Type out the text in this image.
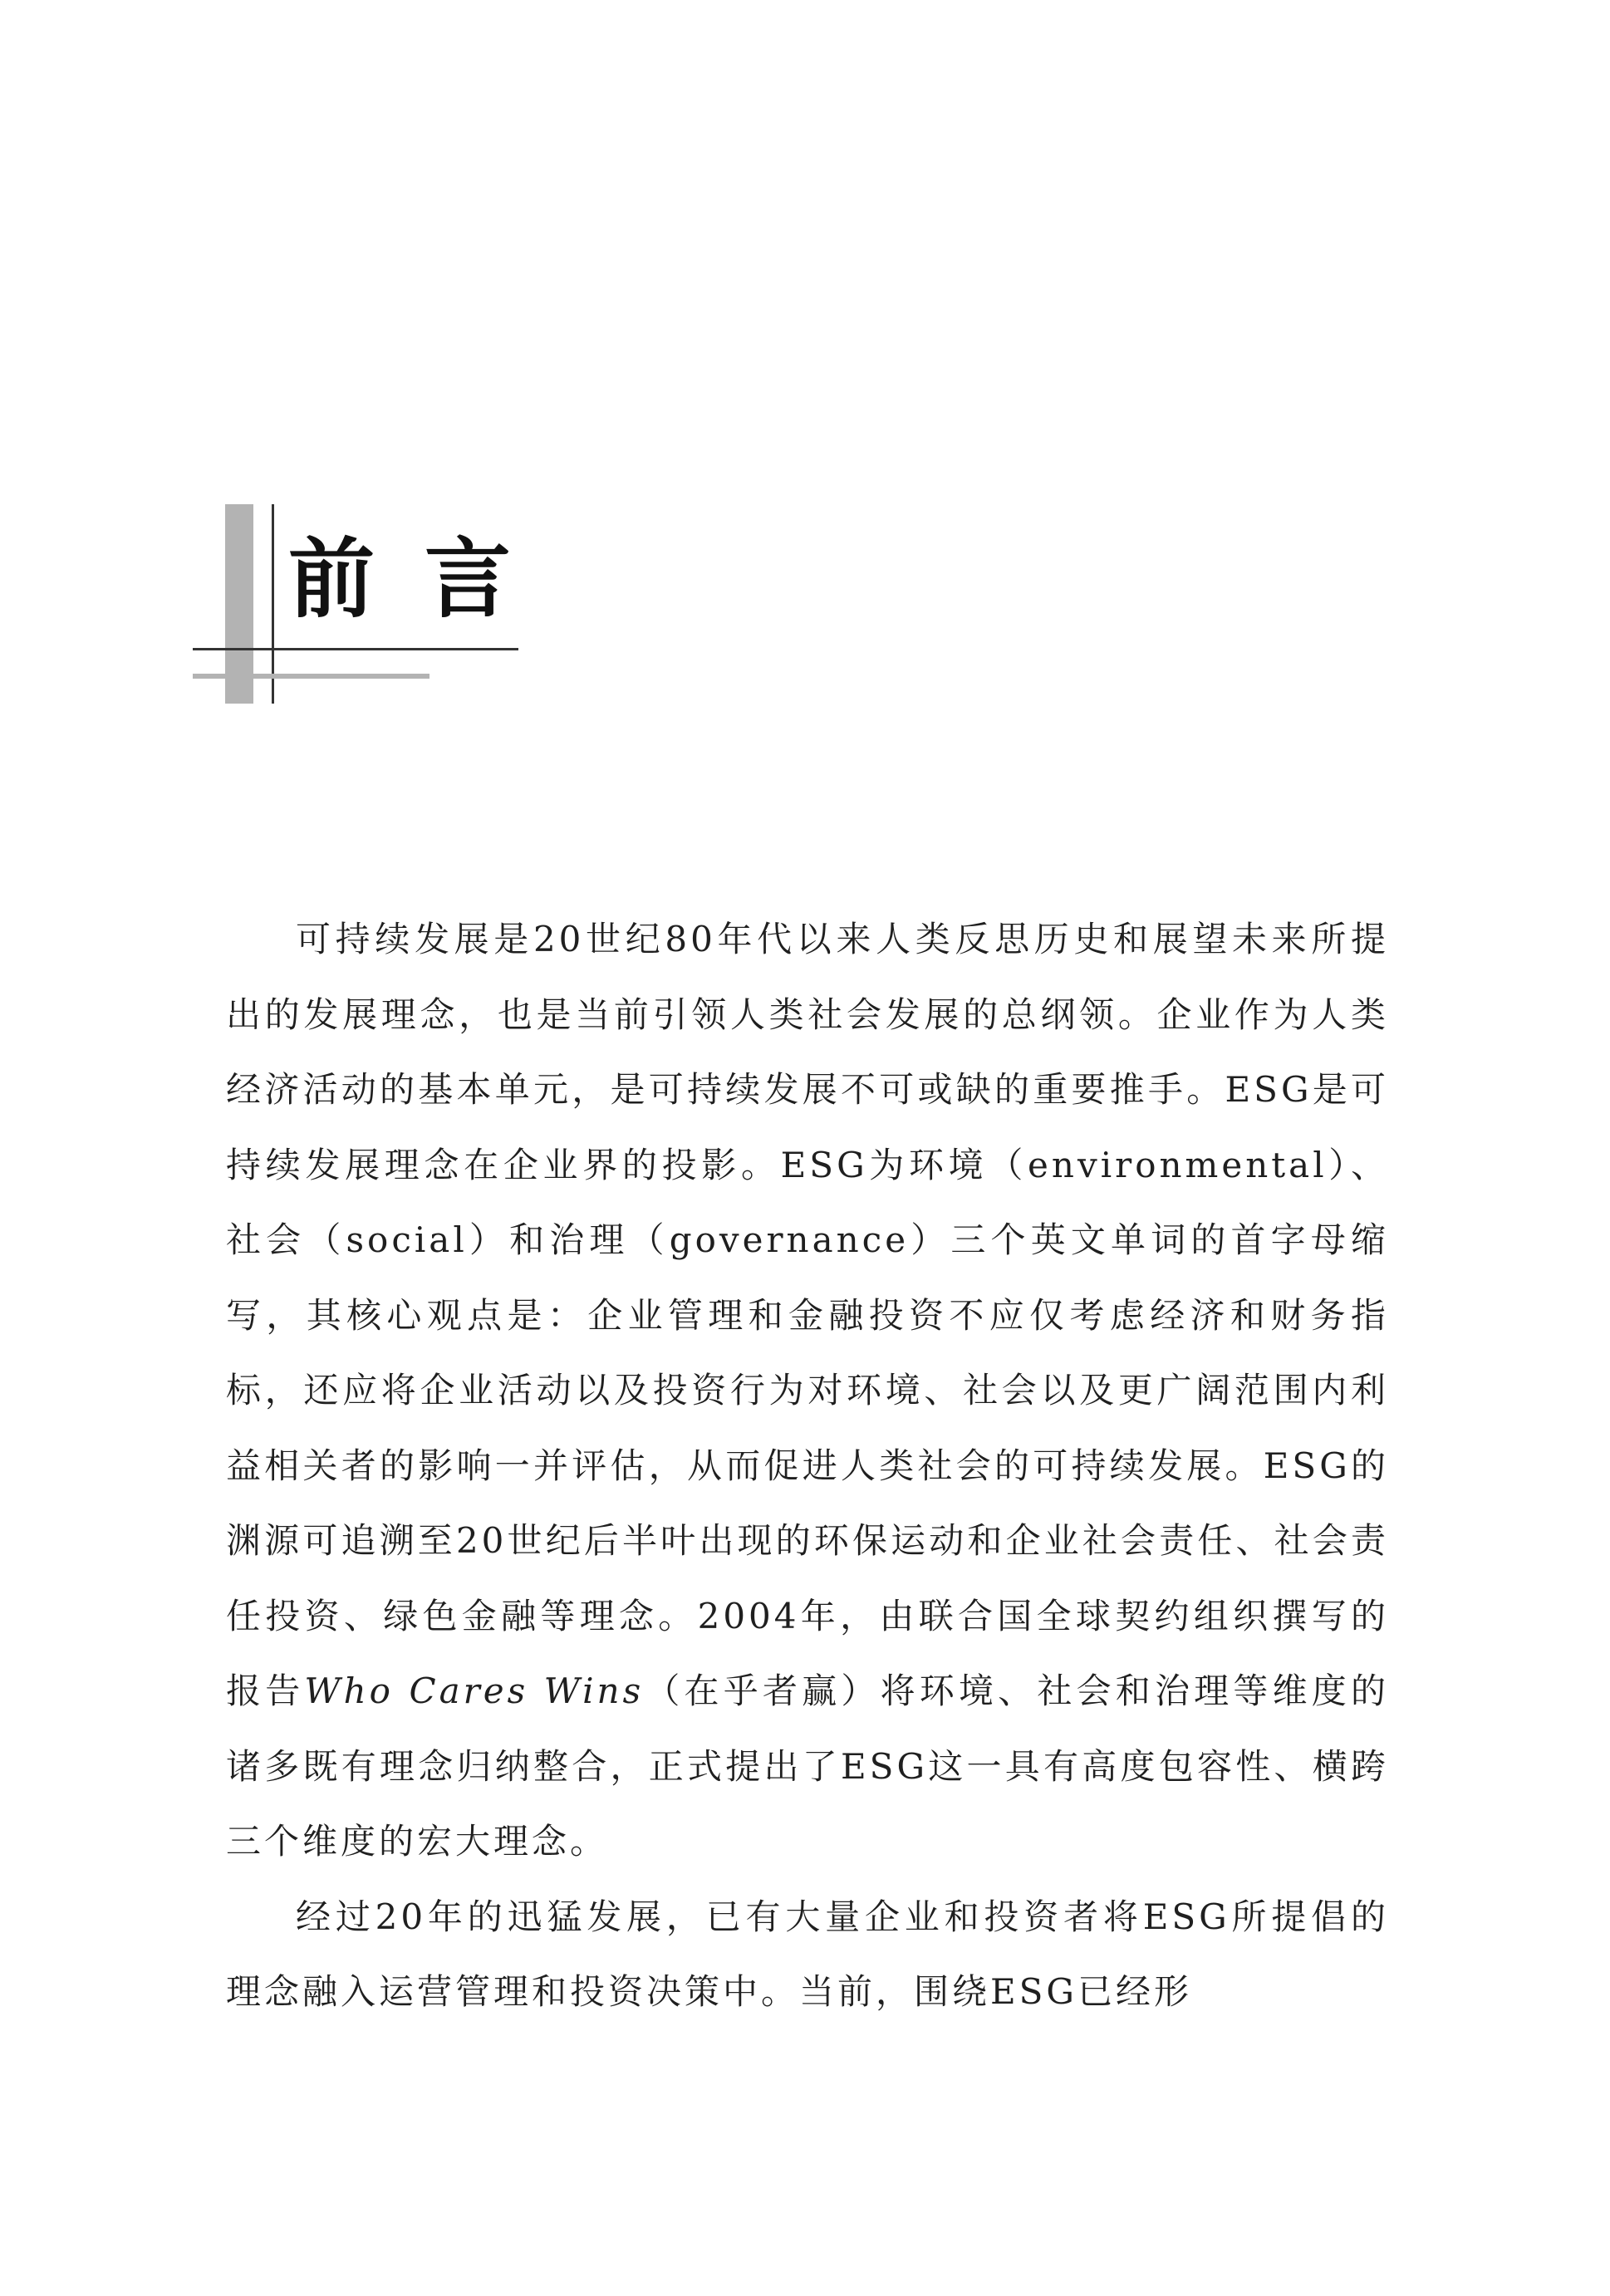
前言

可持续发展是20世纪80年代以来人类反思历史和展望未来所提出的发展理念，也是当前引领人类社会发展的总纲领。企业作为人类经济活动的基本单元，是可持续发展不可或缺的重要推手。ESG是可持续发展理念在企业界的投影。ESG为环境（environmental）、社会（social）和治理（governance）三个英文单词的首字母缩写，其核心观点是：企业管理和金融投资不应仅考虑经济和财务指标，还应将企业活动以及投资行为对环境、社会以及更广阔范围内利益相关者的影响一并评估，从而促进人类社会的可持续发展。ESG的渊源可追溯至20世纪后半叶出现的环保运动和企业社会责任、社会责任投资、绿色金融等理念。2004年，由联合国全球契约组织撰写的报告Who Cares Wins（在乎者赢）将环境、社会和治理等维度的诸多既有理念归纳整合，正式提出了ESG这一具有高度包容性、横跨三个维度的宏大理念。

经过20年的迅猛发展，已有大量企业和投资者将ESG所提倡的理念融入运营管理和投资决策中。当前，围绕ESG已经形
